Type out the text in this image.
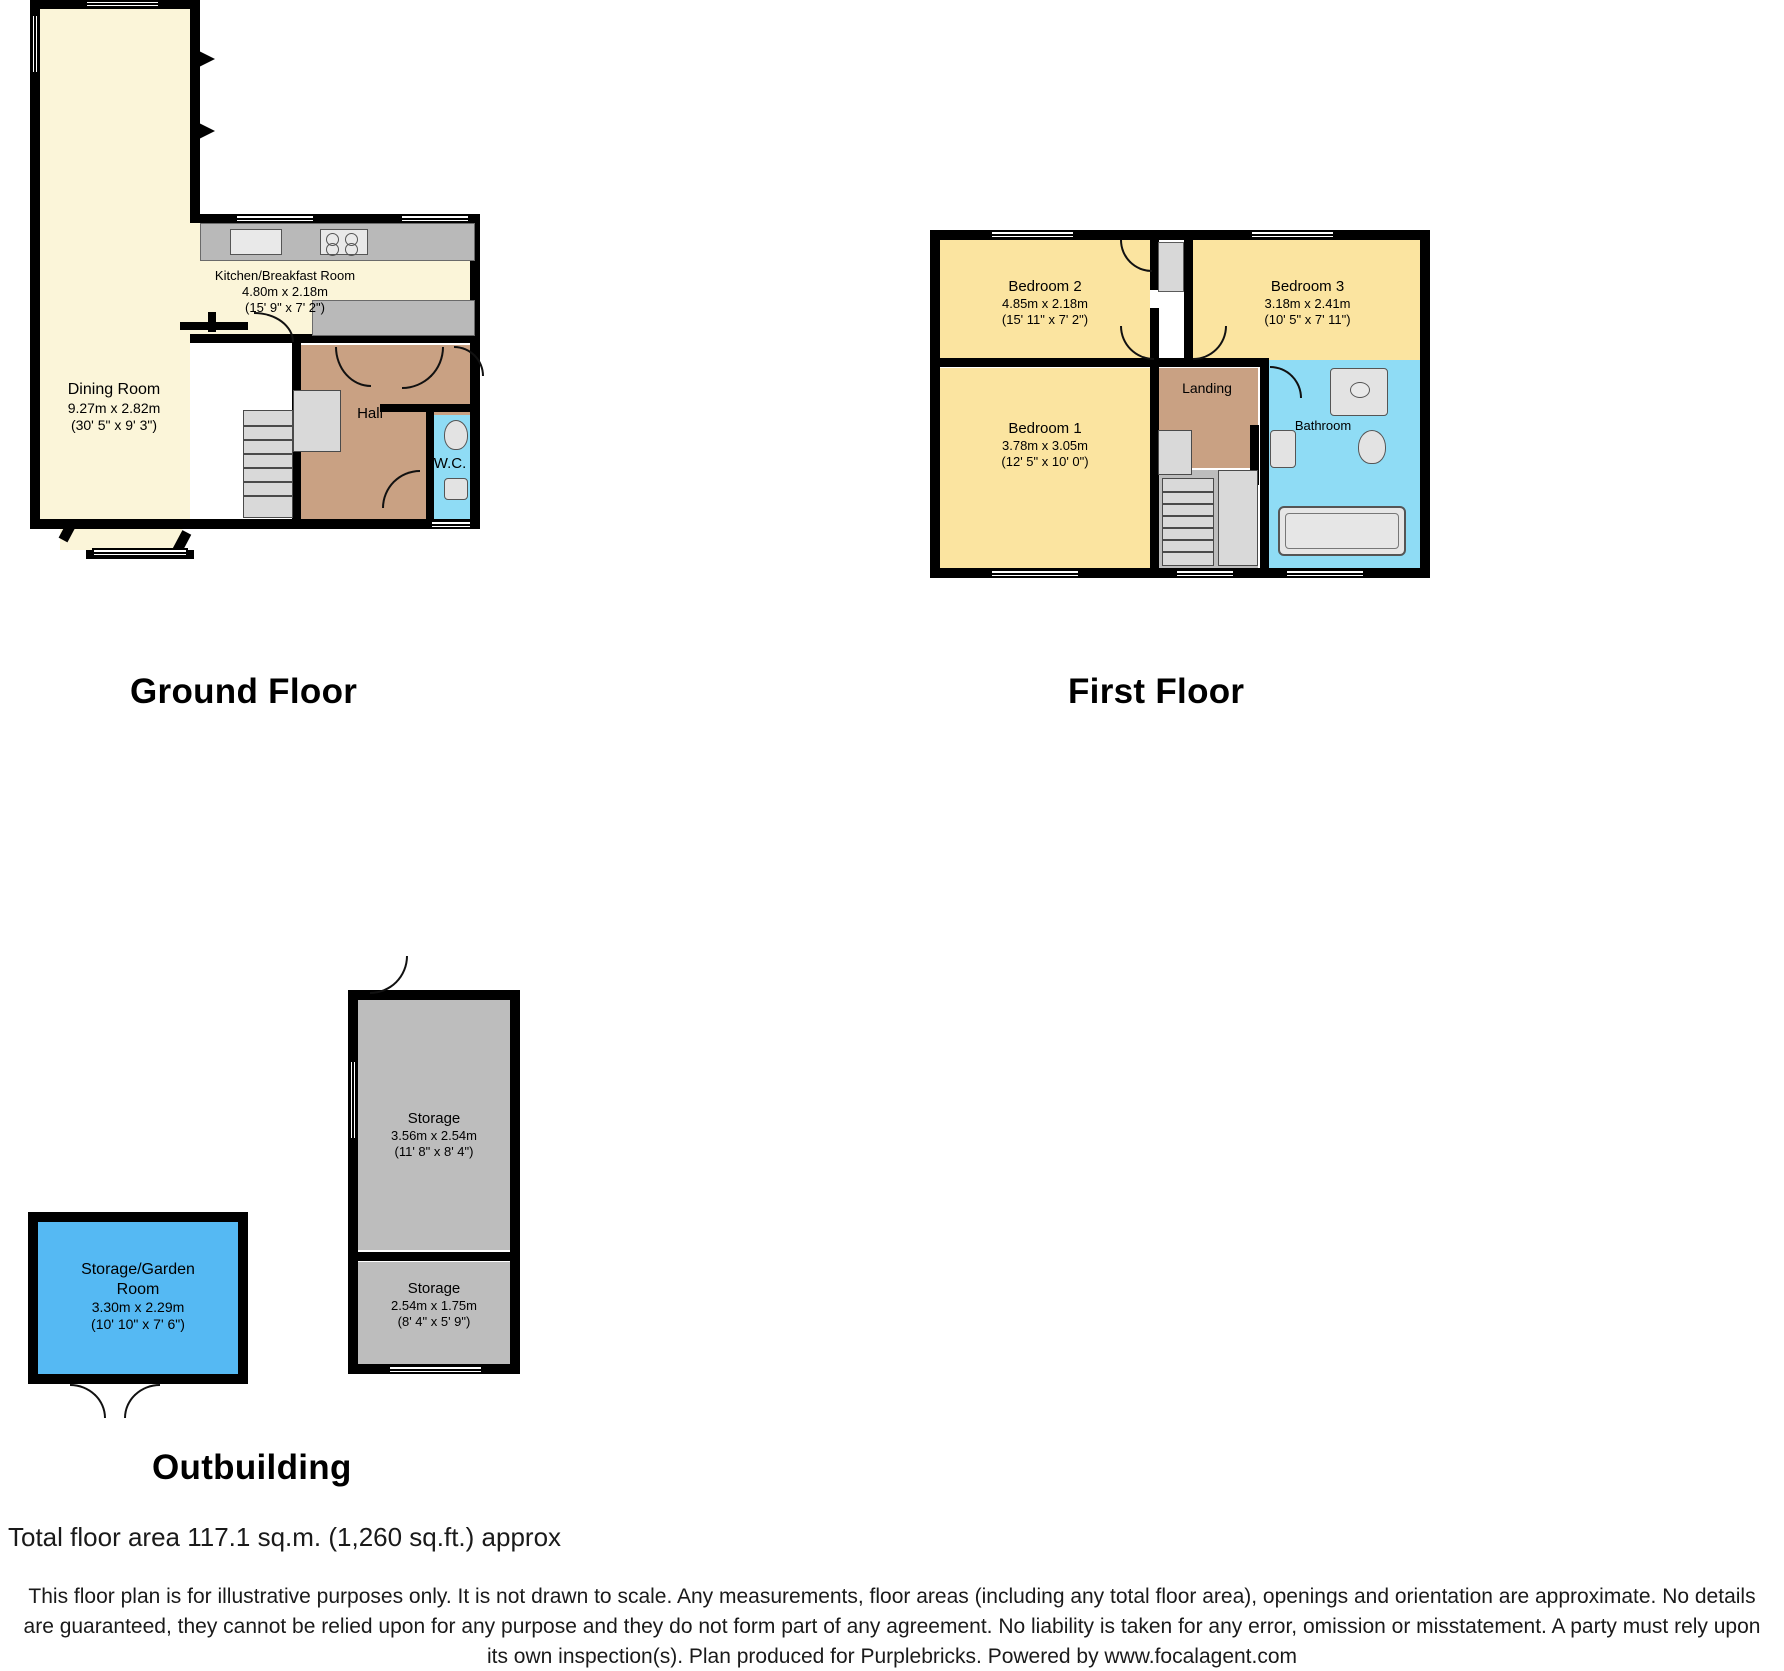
Kitchen/Breakfast Room
4.80m x 2.18m
(15' 9" x 7' 2")
Dining Room
9.27m x 2.82m
(30' 5" x 9' 3")
Hall
W.C.
Ground Floor
Bedroom 2
4.85m x 2.18m
(15' 11" x 7' 2")
Bedroom 3
3.18m x 2.41m
(10' 5" x 7' 11")
Bedroom 1
3.78m x 3.05m
(12' 5" x 10' 0")
Landing
Bathroom
First Floor
Storage
3.56m x 2.54m
(11' 8" x 8' 4")
Storage
2.54m x 1.75m
(8' 4" x 5' 9")
Storage/Garden
Room
3.30m x 2.29m
(10' 10" x 7' 6")
Outbuilding
Total floor area 117.1 sq.m. (1,260 sq.ft.) approx
This floor plan is for illustrative purposes only. It is not drawn to scale. Any measurements, floor areas (including any total floor area), openings and orientation are approximate. No details are guaranteed, they cannot be relied upon for any purpose and they do not form part of any agreement. No liability is taken for any error, omission or misstatement. A party must rely upon its own inspection(s). Plan produced for Purplebricks. Powered by www.focalagent.com
